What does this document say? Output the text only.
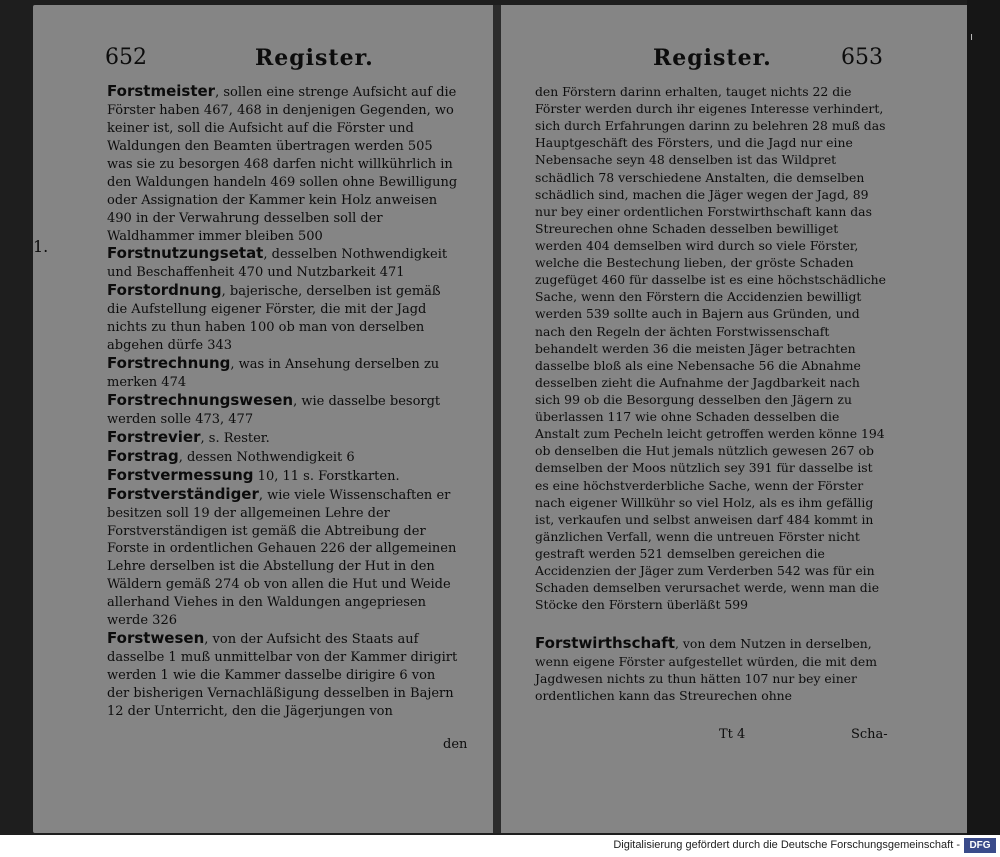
ı
652	Register.
1.

Forstmeister, sollen eine strenge Aufsicht auf die Förster haben 467, 468 in denjenigen Gegenden, wo keiner ist, soll die Aufsicht auf die Förster und Waldungen den Beamten übertragen werden 505 was sie zu besorgen 468 darfen nicht willkührlich in den Waldungen handeln 469 sollen ohne Bewilligung oder Assignation der Kammer kein Holz anweisen 490 in der Verwahrung desselben soll der Waldhammer immer bleiben 500

Forstnutzungsetat, desselben Nothwendigkeit und Beschaffenheit 470 und Nutzbarkeit 471

Forstordnung, bajerische, derselben ist gemäß die Aufstellung eigener Förster, die mit der Jagd nichts zu thun haben 100 ob man von derselben abgehen dürfe 343

Forstrechnung, was in Ansehung derselben zu merken 474

Forstrechnungswesen, wie dasselbe besorgt werden solle 473, 477

Forstrevier, s. Rester.

Forstrag, dessen Nothwendigkeit 6

Forstvermessung 10, 11 s. Forstkarten.

Forstverständiger, wie viele Wissenschaften er besitzen soll 19 der allgemeinen Lehre der Forstverständigen ist gemäß die Abtreibung der Forste in ordentlichen Gehauen 226 der allgemeinen Lehre derselben ist die Abstellung der Hut in den Wäldern gemäß 274 ob von allen die Hut und Weide allerhand Viehes in den Waldungen angepriesen werde 326

Forstwesen, von der Aufsicht des Staats auf dasselbe 1 muß unmittelbar von der Kammer dirigirt werden 1 wie die Kammer dasselbe dirigire 6 von der bisherigen Vernachläßigung desselben in Bajern 12 der Unterricht, den die Jägerjungen von

den
Register.	653

den Förstern darinn erhalten, tauget nichts 22 die Förster werden durch ihr eigenes Interesse verhindert, sich durch Erfahrungen darinn zu belehren 28 muß das Hauptgeschäft des Försters, und die Jagd nur eine Nebensache seyn 48 denselben ist das Wildpret schädlich 78 verschiedene Anstalten, die demselben schädlich sind, machen die Jäger wegen der Jagd, 89 nur bey einer ordentlichen Forstwirthschaft kann das Streurechen ohne Schaden desselben bewilliget werden 404 demselben wird durch so viele Förster, welche die Bestechung lieben, der gröste Schaden zugefüget 460 für dasselbe ist es eine höchstschädliche Sache, wenn den Förstern die Accidenzien bewilligt werden 539 sollte auch in Bajern aus Gründen, und nach den Regeln der ächten Forstwissenschaft behandelt werden 36 die meisten Jäger betrachten dasselbe bloß als eine Nebensache 56 die Abnahme desselben zieht die Aufnahme der Jagdbarkeit nach sich 99 ob die Besorgung desselben den Jägern zu überlassen 117 wie ohne Schaden desselben die Anstalt zum Pecheln leicht getroffen werden könne 194 ob denselben die Hut jemals nützlich gewesen 267 ob demselben der Moos nützlich sey 391 für dasselbe ist es eine höchstverderbliche Sache, wenn der Förster nach eigener Willkühr so viel Holz, als es ihm gefällig ist, verkaufen und selbst anweisen darf 484 kommt in gänzlichen Verfall, wenn die untreuen Förster nicht gestraft werden 521 demselben gereichen die Accidenzien der Jäger zum Verderben 542 was für ein Schaden demselben verursachet werde, wenn man die Stöcke den Förstern überläßt 599

Forstwirthschaft, von dem Nutzen in derselben, wenn eigene Förster aufgestellet würden, die mit dem Jagdwesen nichts zu thun hätten 107 nur bey einer ordentlichen kann das Streurechen ohne

Tt 4	Scha-
Digitalisierung gefördert durch die Deutsche Forschungsgemeinschaft - DFG
